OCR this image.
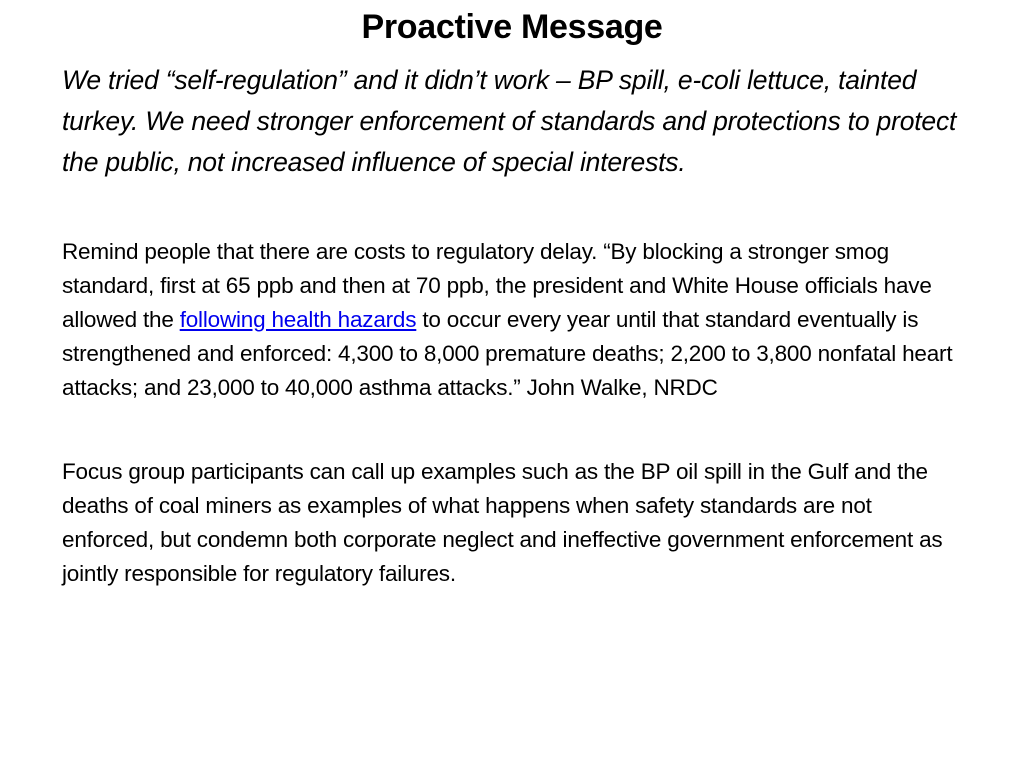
Proactive Message

We tried “self-regulation” and it didn’t work – BP spill, e-coli lettuce, tainted turkey. We need stronger enforcement of standards and protections to protect the public, not increased influence of special interests.

Remind people that there are costs to regulatory delay. “By blocking a stronger smog standard, first at 65 ppb and then at 70 ppb, the president and White House officials have allowed the following health hazards to occur every year until that standard eventually is strengthened and enforced: 4,300 to 8,000 premature deaths; 2,200 to 3,800 nonfatal heart attacks; and 23,000 to 40,000 asthma attacks.” John Walke, NRDC

Focus group participants can call up examples such as the BP oil spill in the Gulf and the deaths of coal miners as examples of what happens when safety standards are not enforced, but condemn both corporate neglect and ineffective government enforcement as jointly responsible for regulatory failures.
